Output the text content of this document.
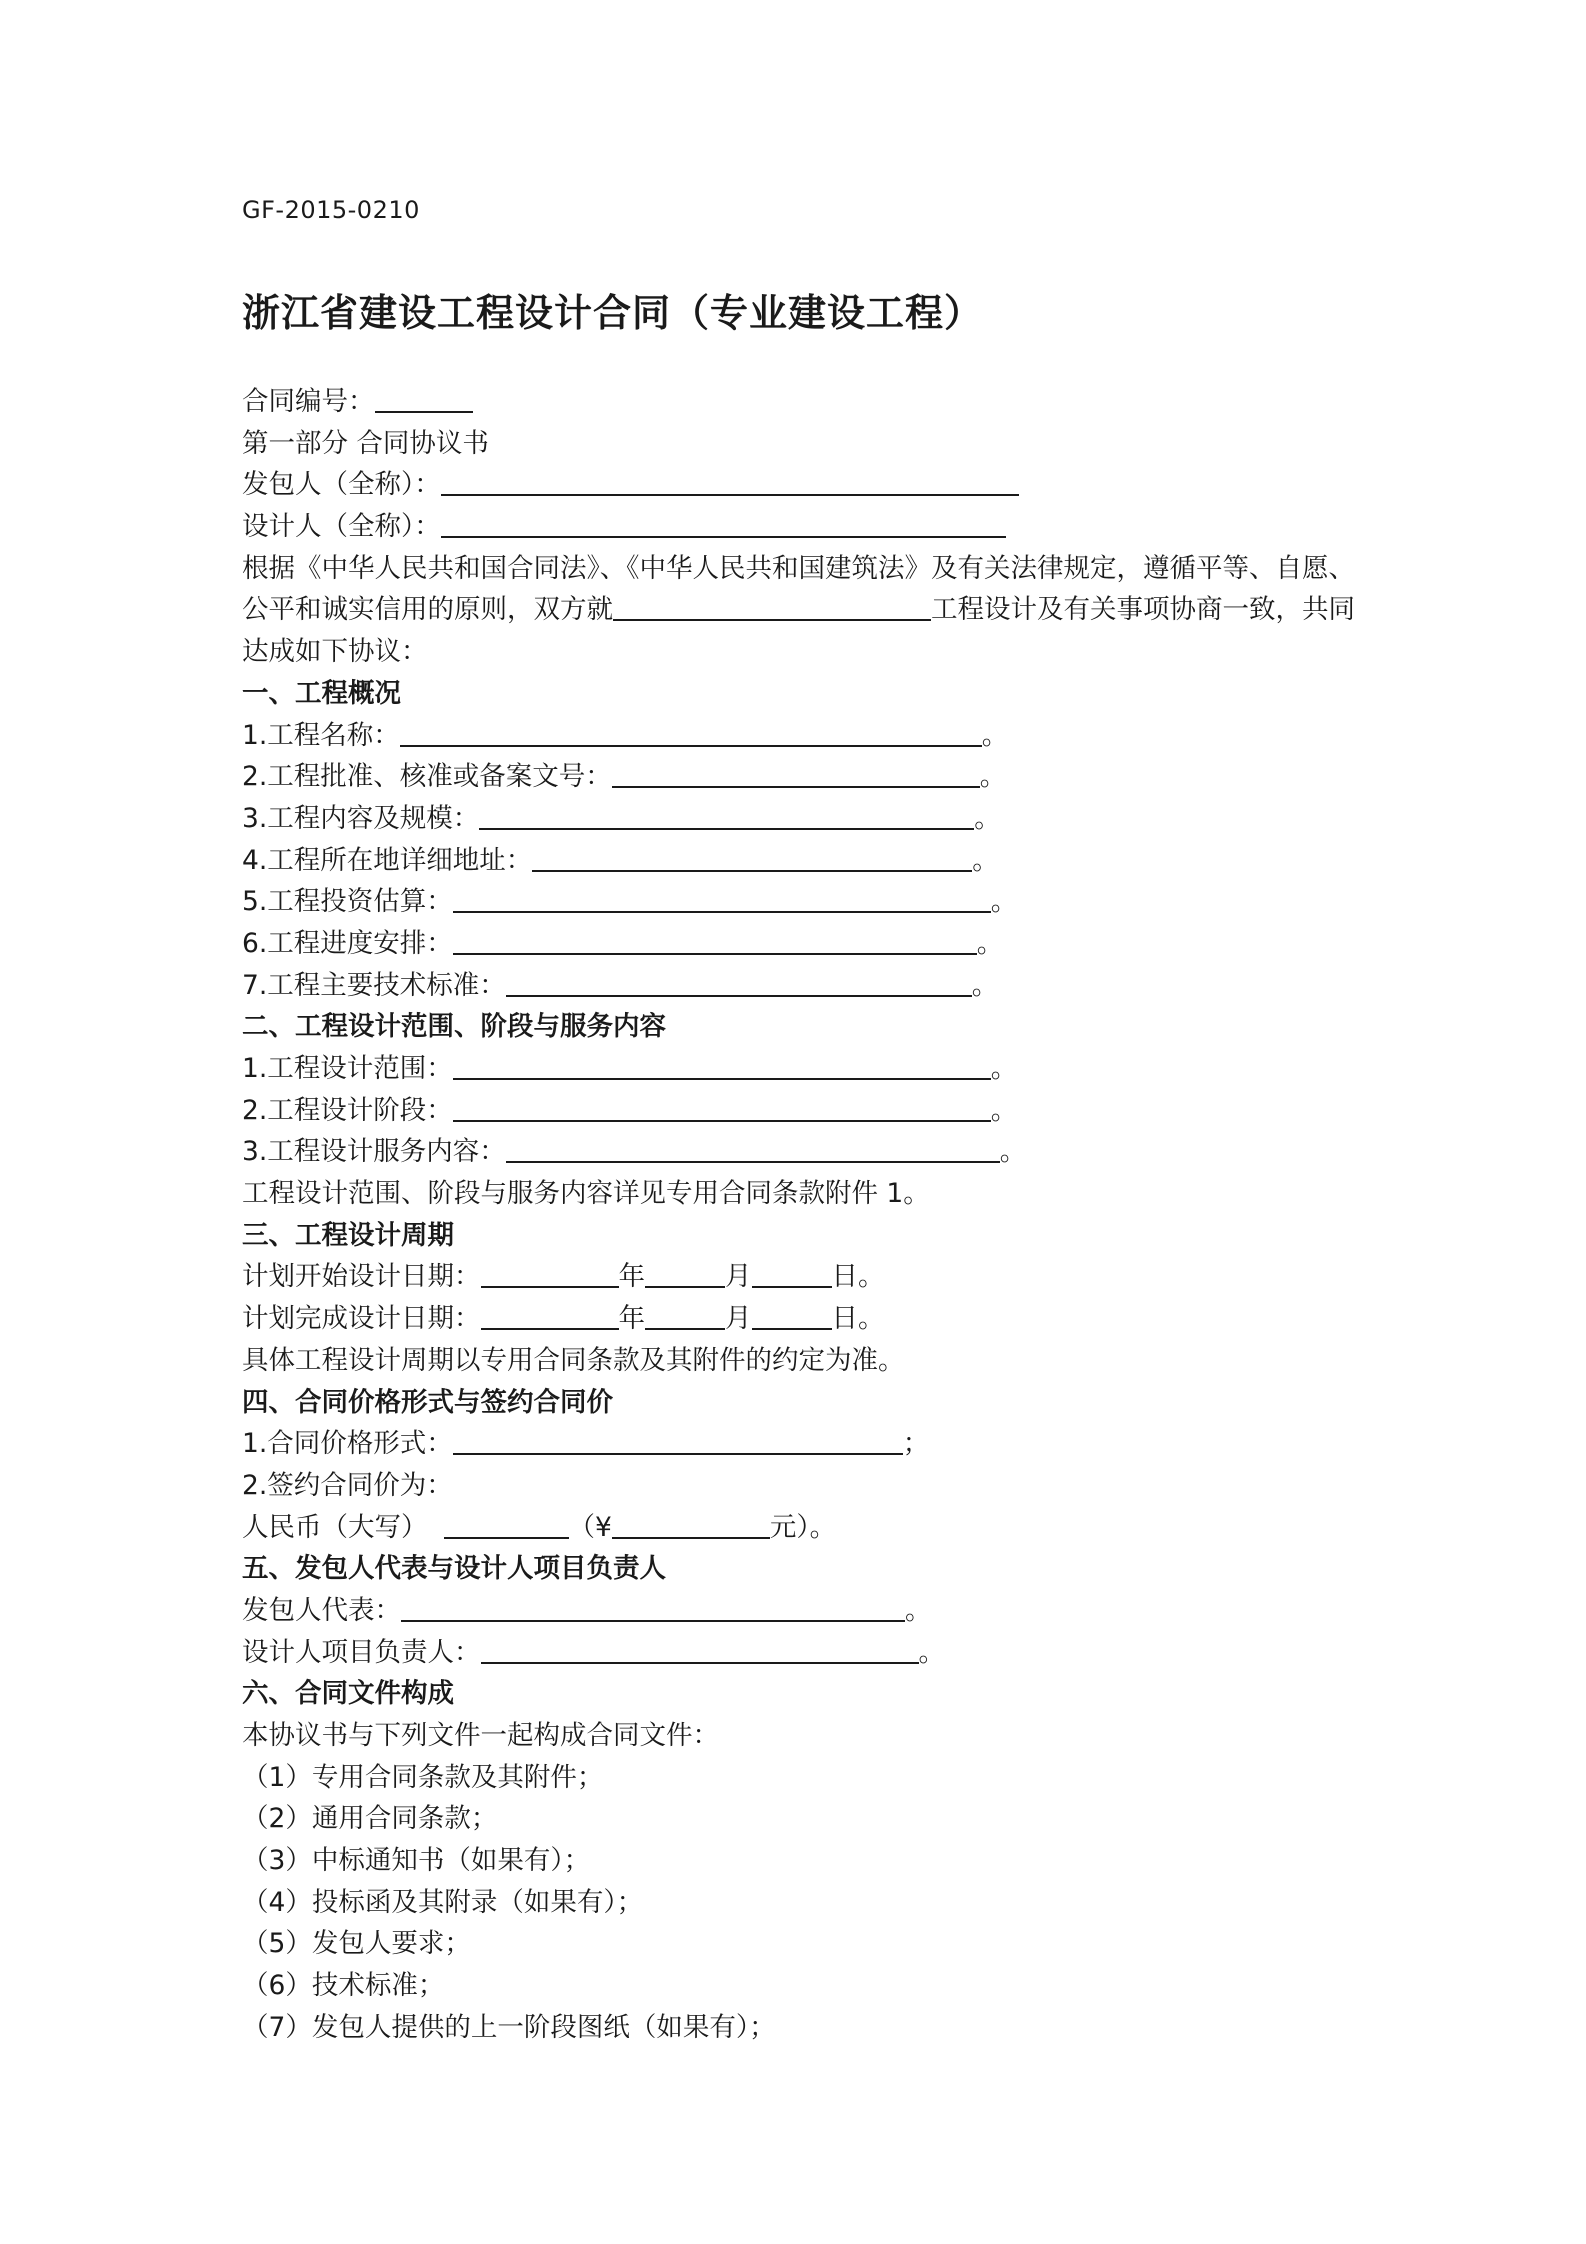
GF-2015-0210
浙江省建设工程设计合同（专业建设工程）
合同编号：
第一部分 合同协议书
发包人（全称）：
设计人（全称）：
根据《中华人民共和国合同法》、《中华人民共和国建筑法》及有关法律规定，遵循平等、自愿、公平和诚实信用的原则，双方就	工程设计及有关事项协商一致，共同达成如下协议：
一、工程概况
1.工程名称：	。
2.工程批准、核准或备案文号：	。
3.工程内容及规模：	。
4.工程所在地详细地址：	。
5.工程投资估算：	。
6.工程进度安排：	。
7.工程主要技术标准：	。
二、工程设计范围、阶段与服务内容
1.工程设计范围：	。
2.工程设计阶段：	。
3.工程设计服务内容：	。
工程设计范围、阶段与服务内容详见专用合同条款附件 1。
三、工程设计周期
计划开始设计日期：	年	月	日。
计划完成设计日期：	年	月	日。
具体工程设计周期以专用合同条款及其附件的约定为准。
四、合同价格形式与签约合同价
1.合同价格形式：	；
2.签约合同价为：
人民币（大写）	（¥	元）。
五、发包人代表与设计人项目负责人
发包人代表：	。
设计人项目负责人：	。
六、合同文件构成
本协议书与下列文件一起构成合同文件：
（1）专用合同条款及其附件；
（2）通用合同条款；
（3）中标通知书（如果有）；
（4）投标函及其附录（如果有）；
（5）发包人要求；
（6）技术标准；
（7）发包人提供的上一阶段图纸（如果有）；
